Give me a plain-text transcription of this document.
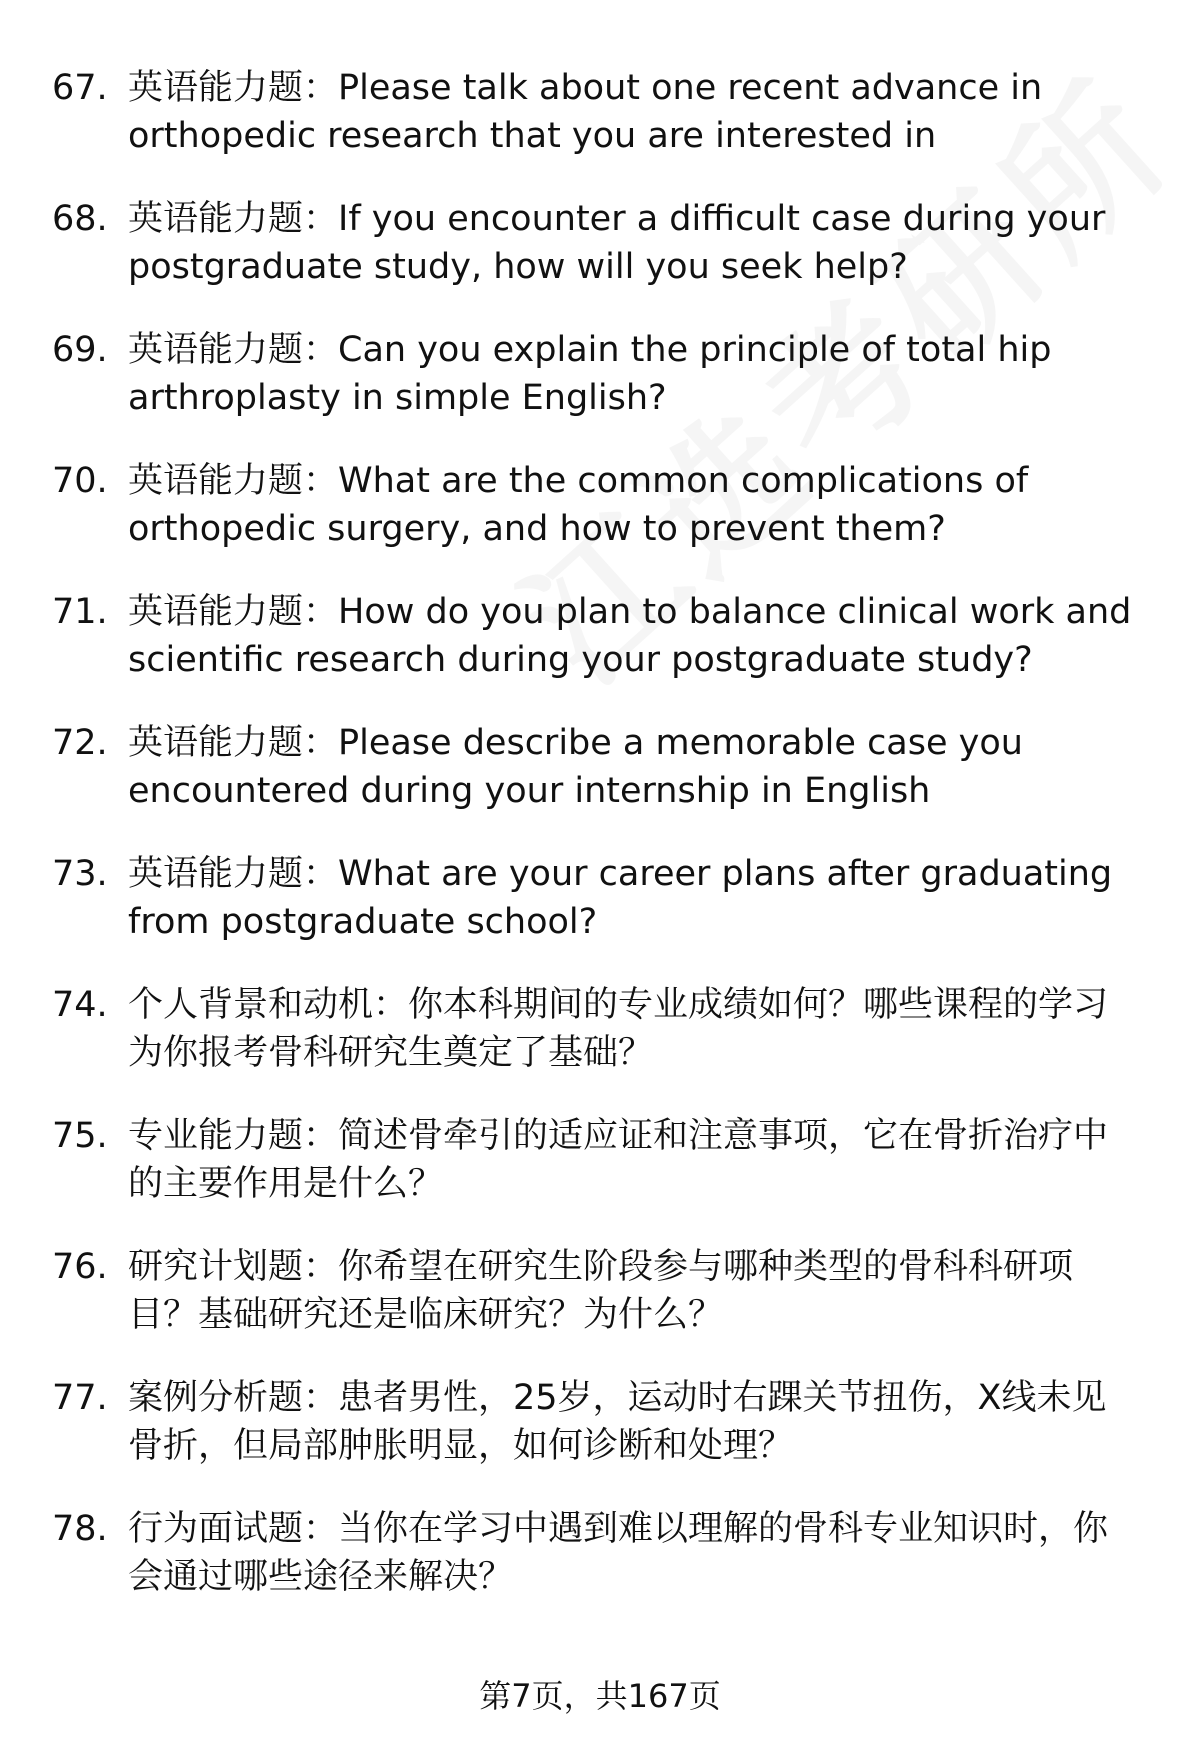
67. 英语能力题：Please talk about one recent advance in
orthopedic research that you are interested in
68. 英语能力题：If you encounter a difficult case during your
postgraduate study, how will you seek help?
69. 英语能力题：Can you explain the principle of total hip
arthroplasty in simple English?
70. 英语能力题：What are the common complications of
orthopedic surgery, and how to prevent them?
71. 英语能力题：How do you plan to balance clinical work and
scientific research during your postgraduate study?
72. 英语能力题：Please describe a memorable case you
encountered during your internship in English
73. 英语能力题：What are your career plans after graduating
from postgraduate school?
74. 个人背景和动机：你本科期间的专业成绩如何？哪些课程的学习
为你报考骨科研究生奠定了基础？
75. 专业能力题：简述骨牵引的适应证和注意事项，它在骨折治疗中
的主要作用是什么？
76. 研究计划题：你希望在研究生阶段参与哪种类型的骨科科研项
目？基础研究还是临床研究？为什么？
77. 案例分析题：患者男性，25岁，运动时右踝关节扭伤，X线未见
骨折，但局部肿胀明显，如何诊断和处理？
78. 行为面试题：当你在学习中遇到难以理解的骨科专业知识时，你
会通过哪些途径来解决？
第7页，共167页
